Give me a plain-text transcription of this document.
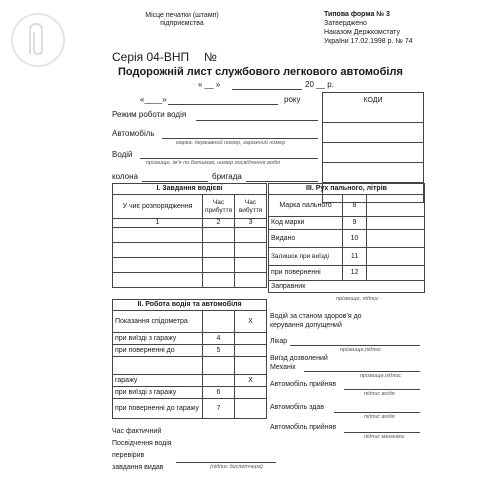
Місце печатки (штамп)
підприємства
Типова форма № 3
Затверджено
Наказом Держкомстату
України 17.02.1998 р. № 74
Серія 04-ВНП №
Подорожній лист службового легкового автомобіля
« __ »	20 __ р.
«____»	року	КОДИ

Режим роботи водія
Автомобіль
марка, державний номер, гаражний номер
Водій
прізвище, ім'я по батькові, номер посвідчення водія
колона	бригада
І. Завдання водієві		
У чиє розпорядження	Час прибуття	Час вибуття
1	2	3

ІІІ. Рух пального, літрів		
Марка пального	8	
Код марки	9	
Видано	10	
Залишок при виїзді	11	
при поверненні	12	
Заправник		
прізвище, підпис
ІІ. Робота водія та автомобіля		
Показання спідометра		X
при виїзді з гаражу	4	
при поверненні до	5	

гаражу		X
при виїзді з гаражу	6	
при поверненні до гаражу	7	
Водій за станом здоров'я до
керування допущений
Лікар
прізвище,підпис
Виїзд дозволений
Механік
прізвище,підпис
Автомобіль прийняв
підпис водія
Автомобіль здав
підпис водія
Автомобіль прийняв
підпис механіка
Час фактичний
Посвідчення водія
перевірив
завдання видав	(підпис диспетчера)
